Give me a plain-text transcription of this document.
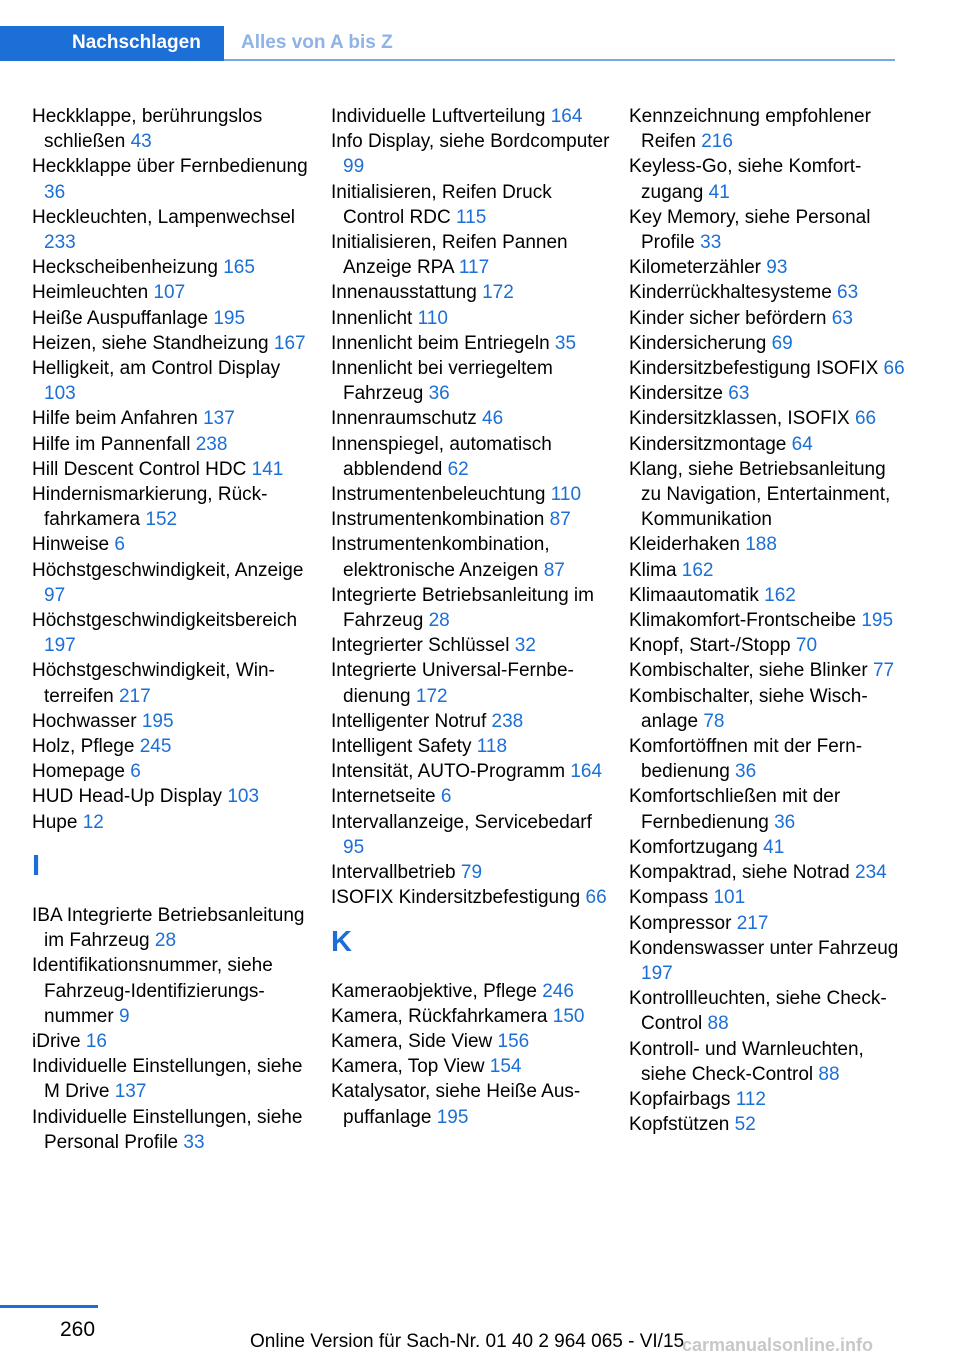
Nachschlagen Alles von A bis Z
Heckklappe, berührungslos schließen 43
Heckklappe über Fernbedienung 36
Heckleuchten, Lampenwechsel 233
Heckscheibenheizung 165
Heimleuchten 107
Heiße Auspuffanlage 195
Heizen, siehe Standheizung 167
Helligkeit, am Control Display 103
Hilfe beim Anfahren 137
Hilfe im Pannenfall 238
Hill Descent Control HDC 141
Hindernismarkierung, Rückfahrkamera 152
Hinweise 6
Höchstgeschwindigkeit, Anzeige 97
Höchstgeschwindigkeitsbereich 197
Höchstgeschwindigkeit, Winterreifen 217
Hochwasser 195
Holz, Pflege 245
Homepage 6
HUD Head-Up Display 103
Hupe 12
I
IBA Integrierte Betriebsanleitung im Fahrzeug 28
Identifikationsnummer, siehe Fahrzeug-Identifizierungsnummer 9
iDrive 16
Individuelle Einstellungen, siehe M Drive 137
Individuelle Einstellungen, siehe Personal Profile 33
Individuelle Luftverteilung 164
Info Display, siehe Bordcomputer 99
Initialisieren, Reifen Druck Control RDC 115
Initialisieren, Reifen Pannen Anzeige RPA 117
Innenausstattung 172
Innenlicht 110
Innenlicht beim Entriegeln 35
Innenlicht bei verriegeltem Fahrzeug 36
Innenraumschutz 46
Innenspiegel, automatisch abblendend 62
Instrumentenbeleuchtung 110
Instrumentenkombination 87
Instrumentenkombination, elektronische Anzeigen 87
Integrierte Betriebsanleitung im Fahrzeug 28
Integrierter Schlüssel 32
Integrierte Universal-Fernbedienung 172
Intelligenter Notruf 238
Intelligent Safety 118
Intensität, AUTO-Programm 164
Internetseite 6
Intervallanzeige, Servicebedarf 95
Intervallbetrieb 79
ISOFIX Kindersitzbefestigung 66
K
Kameraobjektive, Pflege 246
Kamera, Rückfahrkamera 150
Kamera, Side View 156
Kamera, Top View 154
Katalysator, siehe Heiße Auspuffanlage 195
Kennzeichnung empfohlener Reifen 216
Keyless-Go, siehe Komfortzugang 41
Key Memory, siehe Personal Profile 33
Kilometerzähler 93
Kinderrückhaltesysteme 63
Kinder sicher befördern 63
Kindersicherung 69
Kindersitzbefestigung ISOFIX 66
Kindersitze 63
Kindersitzklassen, ISOFIX 66
Kindersitzmontage 64
Klang, siehe Betriebsanleitung zu Navigation, Entertainment, Kommunikation
Kleiderhaken 188
Klima 162
Klimaautomatik 162
Klimakomfort-Frontscheibe 195
Knopf, Start-/Stopp 70
Kombischalter, siehe Blinker 77
Kombischalter, siehe Wischanlage 78
Komfortöffnen mit der Fernbedienung 36
Komfortschließen mit der Fernbedienung 36
Komfortzugang 41
Kompaktrad, siehe Notrad 234
Kompass 101
Kompressor 217
Kondenswasser unter Fahrzeug 197
Kontrollleuchten, siehe Check-Control 88
Kontroll- und Warnleuchten, siehe Check-Control 88
Kopfairbags 112
Kopfstützen 52
260
Online Version für Sach-Nr. 01 40 2 964 065 - VI/15
carmanualsonline.info
